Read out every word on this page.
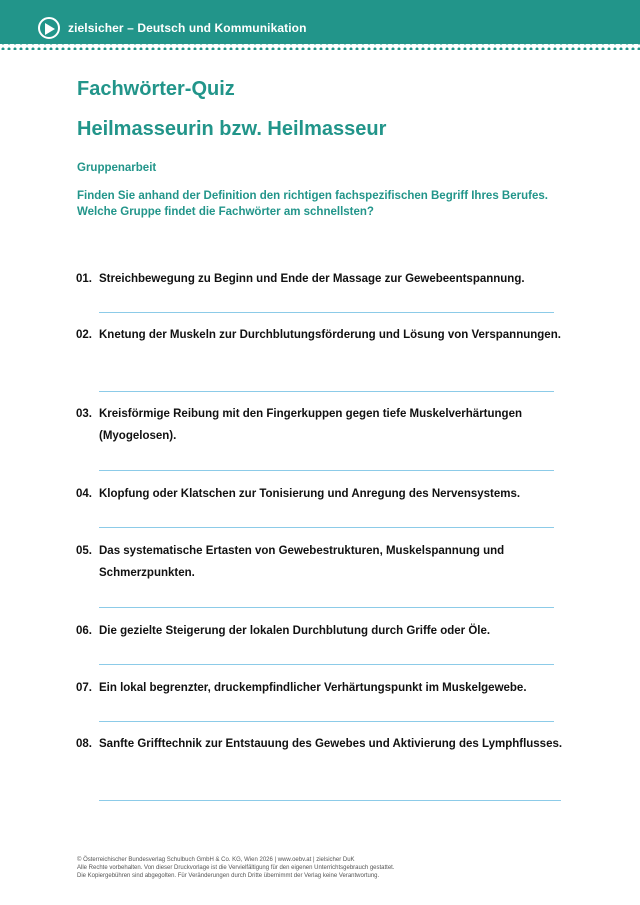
zielsicher – Deutsch und Kommunikation
Fachwörter-Quiz
Heilmasseurin bzw. Heilmasseur
Gruppenarbeit
Finden Sie anhand der Definition den richtigen fachspezifischen Begriff Ihres Berufes.
Welche Gruppe findet die Fachwörter am schnellsten?
01. Streichbewegung zu Beginn und Ende der Massage zur Gewebeentspannung.
02. Knetung der Muskeln zur Durchblutungsförderung und Lösung von Verspannungen.
03. Kreisförmige Reibung mit den Fingerkuppen gegen tiefe Muskelverhärtungen (Myogelosen).
04. Klopfung oder Klatschen zur Tonisierung und Anregung des Nervensystems.
05. Das systematische Ertasten von Gewebestrukturen, Muskelspannung und Schmerzpunkten.
06. Die gezielte Steigerung der lokalen Durchblutung durch Griffe oder Öle.
07. Ein lokal begrenzter, druckempfindlicher Verhärtungspunkt im Muskelgewebe.
08. Sanfte Grifftechnik zur Entstauung des Gewebes und Aktivierung des Lymphflusses.
© Österreichischer Bundesverlag Schulbuch GmbH & Co. KG, Wien 2026 | www.oebv.at | zielsicher DuK
Alle Rechte vorbehalten. Von dieser Druckvorlage ist die Vervielfältigung für den eigenen Unterrichtsgebrauch gestattet.
Die Kopiergebühren sind abgegolten. Für Veränderungen durch Dritte übernimmt der Verlag keine Verantwortung.
